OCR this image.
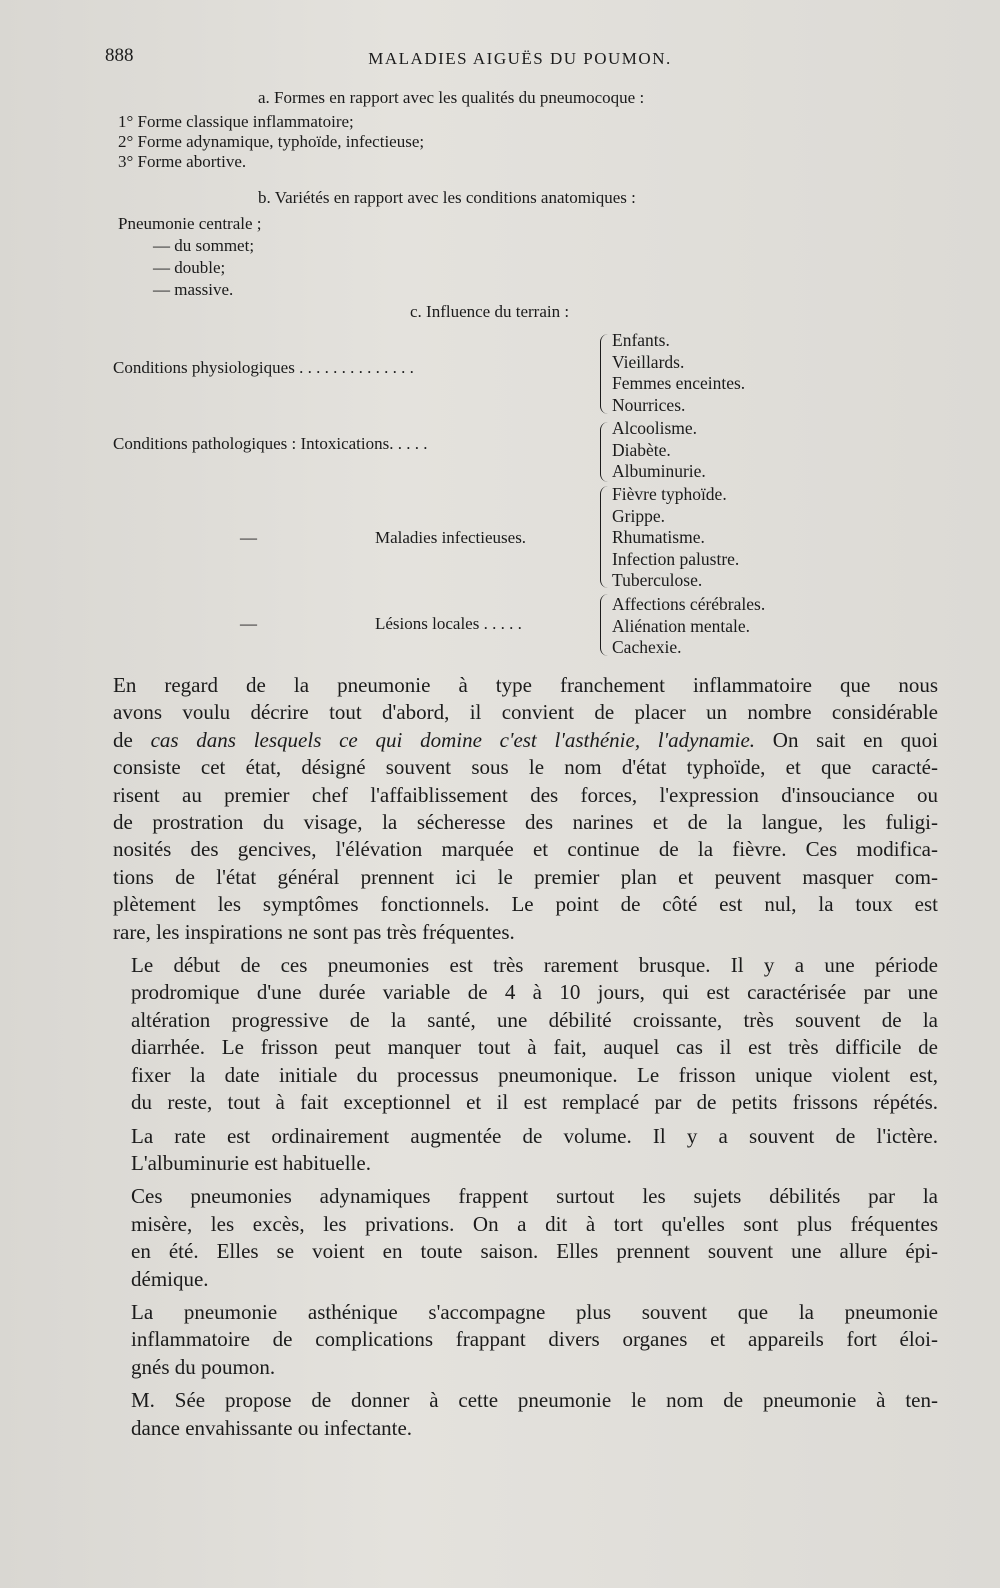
888	MALADIES AIGUËS DU POUMON.
a. Formes en rapport avec les qualités du pneumocoque :
1° Forme classique inflammatoire;
2° Forme adynamique, typhoïde, infectieuse;
3° Forme abortive.
b. Variétés en rapport avec les conditions anatomiques :
Pneumonie centrale ;
— du sommet;
— double;
— massive.
c. Influence du terrain :
Conditions physiologiques . . . . . . . . . . . . . .
Enfants.
Vieillards.
Femmes enceintes.
Nourrices.
Conditions pathologiques : Intoxications. . . . .
Alcoolisme.
Diabète.
Albuminurie.
—	Maladies infectieuses.
Fièvre typhoïde.
Grippe.
Rhumatisme.
Infection palustre.
Tuberculose.
—	Lésions locales . . . . .
Affections cérébrales.
Aliénation mentale.
Cachexie.

En regard de la pneumonie à type franchement inflammatoire que nous
avons voulu décrire tout d'abord, il convient de placer un nombre considérable
de cas dans lesquels ce qui domine c'est l'asthénie, l'adynamie. On sait en quoi
consiste cet état, désigné souvent sous le nom d'état typhoïde, et que caracté-
risent au premier chef l'affaiblissement des forces, l'expression d'insouciance ou
de prostration du visage, la sécheresse des narines et de la langue, les fuligi-
nosités des gencives, l'élévation marquée et continue de la fièvre. Ces modifica-
tions de l'état général prennent ici le premier plan et peuvent masquer com-
plètement les symptômes fonctionnels. Le point de côté est nul, la toux est
rare, les inspirations ne sont pas très fréquentes.

Le début de ces pneumonies est très rarement brusque. Il y a une période
prodromique d'une durée variable de 4 à 10 jours, qui est caractérisée par une
altération progressive de la santé, une débilité croissante, très souvent de la
diarrhée. Le frisson peut manquer tout à fait, auquel cas il est très difficile de
fixer la date initiale du processus pneumonique. Le frisson unique violent est,
du reste, tout à fait exceptionnel et il est remplacé par de petits frissons répétés.

La rate est ordinairement augmentée de volume. Il y a souvent de l'ictère.
L'albuminurie est habituelle.

Ces pneumonies adynamiques frappent surtout les sujets débilités par la
misère, les excès, les privations. On a dit à tort qu'elles sont plus fréquentes
en été. Elles se voient en toute saison. Elles prennent souvent une allure épi-
démique.

La pneumonie asthénique s'accompagne plus souvent que la pneumonie
inflammatoire de complications frappant divers organes et appareils fort éloi-
gnés du poumon.

M. Sée propose de donner à cette pneumonie le nom de pneumonie à ten-
dance envahissante ou infectante.
